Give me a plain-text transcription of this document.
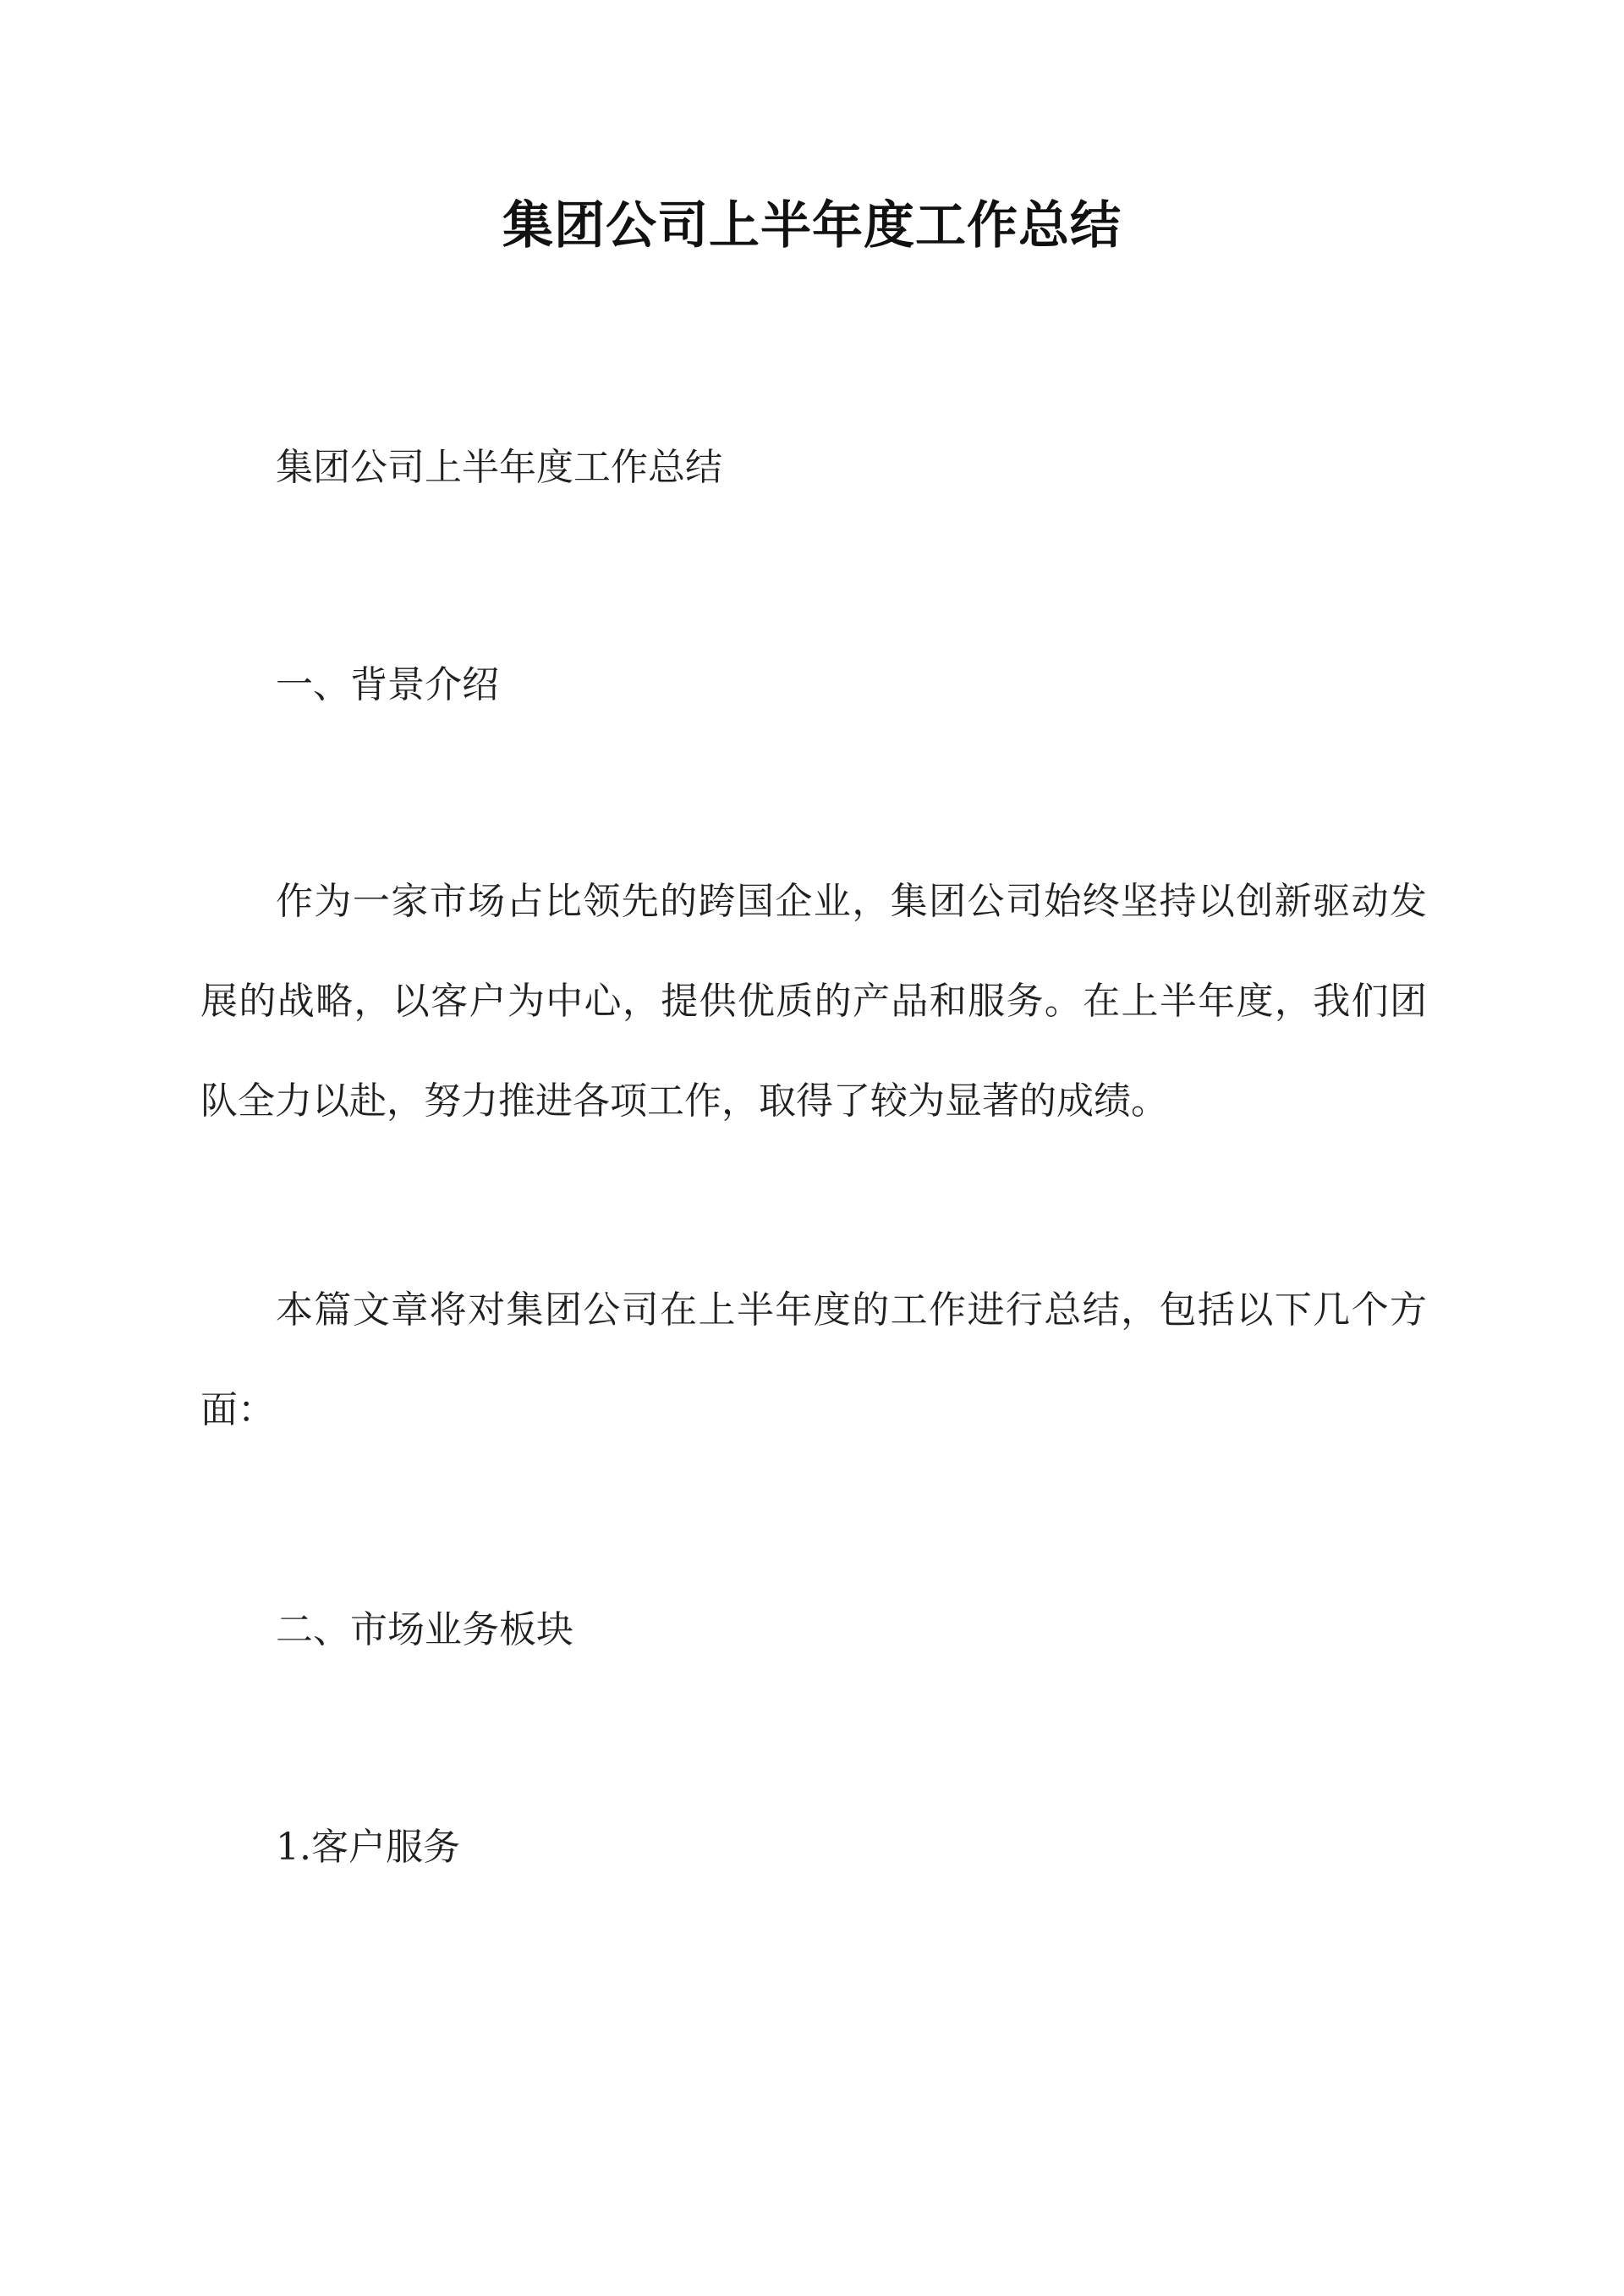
集团公司上半年度工作总结
集团公司上半年度工作总结
一、背景介绍
作为一家市场占比领先的跨国企业，集团公司始终坚持以创新驱动发展的战略，以客户为中心，提供优质的产品和服务。在上半年度，我们团队全力以赴，努力推进各项工作，取得了较为显著的成绩。
本篇文章将对集团公司在上半年度的工作进行总结，包括以下几个方面：
二、市场业务板块
1.客户服务
